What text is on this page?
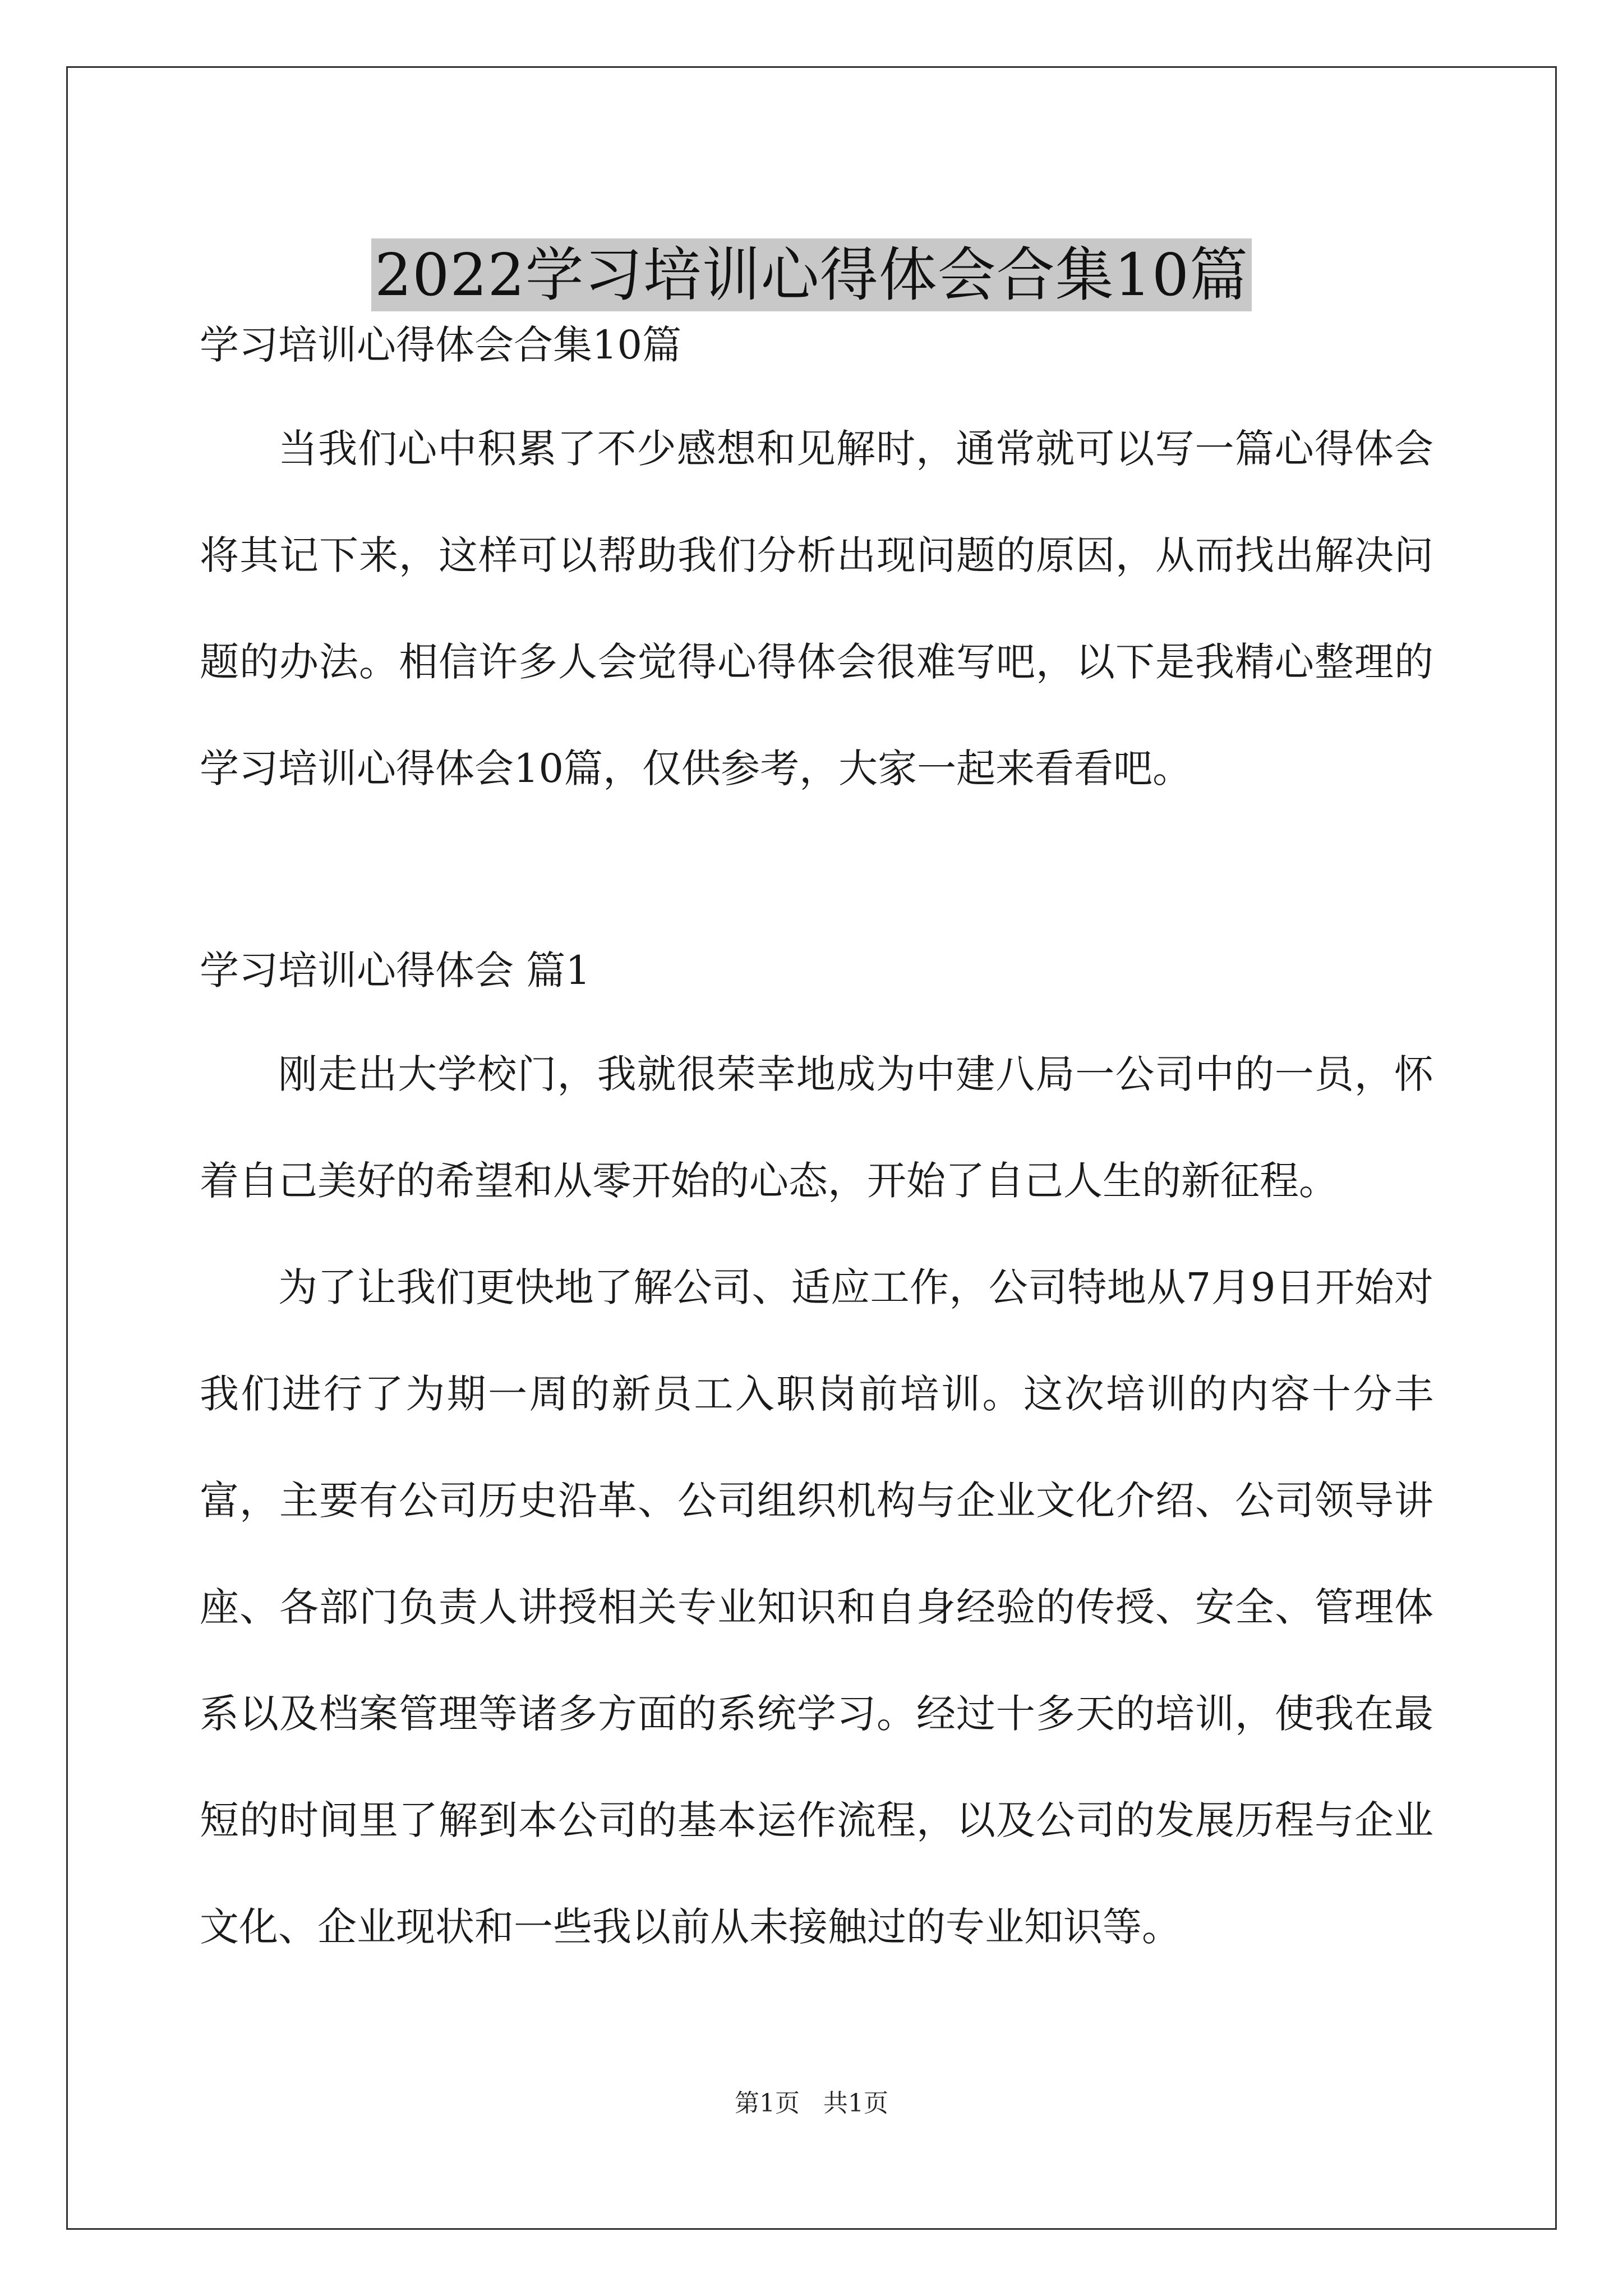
2022学习培训心得体会合集10篇

学习培训心得体会合集10篇

当我们心中积累了不少感想和见解时，通常就可以写一篇心得体会将其记下来，这样可以帮助我们分析出现问题的原因，从而找出解决问题的办法。相信许多人会觉得心得体会很难写吧，以下是我精心整理的学习培训心得体会10篇，仅供参考，大家一起来看看吧。

学习培训心得体会 篇1

刚走出大学校门，我就很荣幸地成为中建八局一公司中的一员，怀着自己美好的希望和从零开始的心态，开始了自己人生的新征程。

为了让我们更快地了解公司、适应工作，公司特地从7月9日开始对我们进行了为期一周的新员工入职岗前培训。这次培训的内容十分丰富，主要有公司历史沿革、公司组织机构与企业文化介绍、公司领导讲座、各部门负责人讲授相关专业知识和自身经验的传授、安全、管理体系以及档案管理等诸多方面的系统学习。经过十多天的培训，使我在最短的时间里了解到本公司的基本运作流程，以及公司的发展历程与企业文化、企业现状和一些我以前从未接触过的专业知识等。

第1页 共1页
